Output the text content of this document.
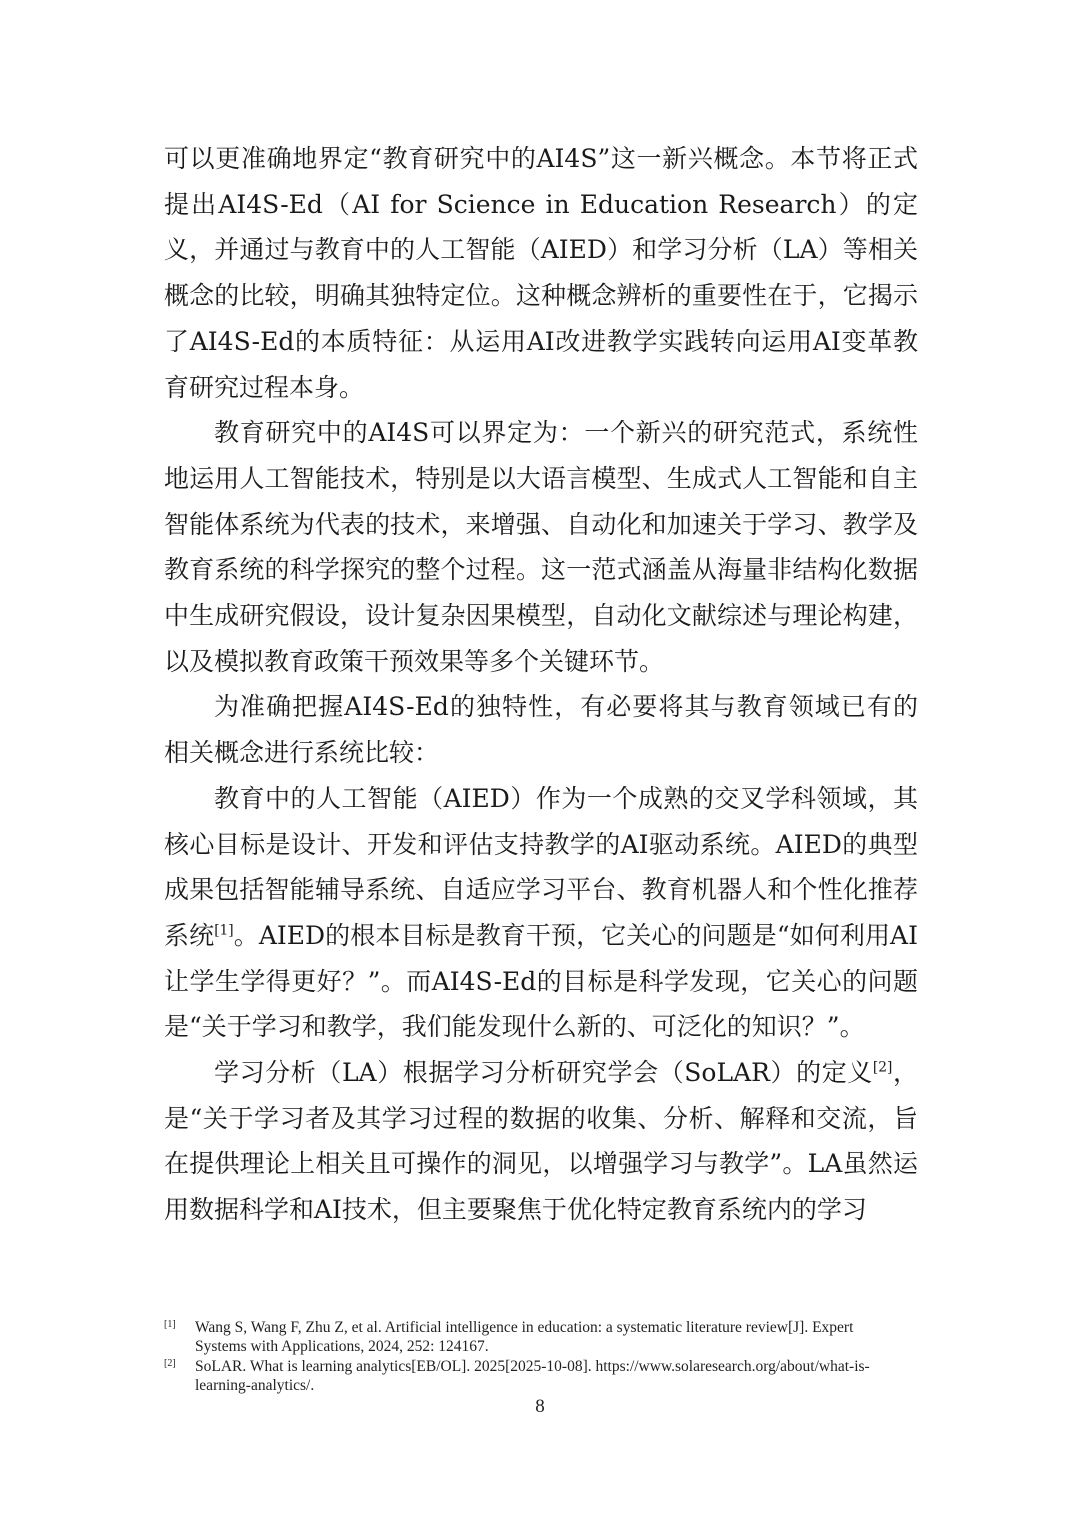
可以更准确地界定“教育研究中的AI4S”这一新兴概念。本节将正式提出AI4S-Ed（AI for Science in Education Research）的定义，并通过与教育中的人工智能（AIED）和学习分析（LA）等相关概念的比较，明确其独特定位。这种概念辨析的重要性在于，它揭示了AI4S-Ed的本质特征：从运用AI改进教学实践转向运用AI变革教育研究过程本身。

教育研究中的AI4S可以界定为：一个新兴的研究范式，系统性地运用人工智能技术，特别是以大语言模型、生成式人工智能和自主智能体系统为代表的技术，来增强、自动化和加速关于学习、教学及教育系统的科学探究的整个过程。这一范式涵盖从海量非结构化数据中生成研究假设，设计复杂因果模型，自动化文献综述与理论构建，以及模拟教育政策干预效果等多个关键环节。

为准确把握AI4S-Ed的独特性，有必要将其与教育领域已有的相关概念进行系统比较：

教育中的人工智能（AIED）作为一个成熟的交叉学科领域，其核心目标是设计、开发和评估支持教学的AI驱动系统。AIED的典型成果包括智能辅导系统、自适应学习平台、教育机器人和个性化推荐系统[1]。AIED的根本目标是教育干预，它关心的问题是“如何利用AI让学生学得更好？”。而AI4S-Ed的目标是科学发现，它关心的问题是“关于学习和教学，我们能发现什么新的、可泛化的知识？”。

学习分析（LA）根据学习分析研究学会（SoLAR）的定义[2]，是“关于学习者及其学习过程的数据的收集、分析、解释和交流，旨在提供理论上相关且可操作的洞见，以增强学习与教学”。LA虽然运用数据科学和AI技术，但主要聚焦于优化特定教育系统内的学习

[1] Wang S, Wang F, Zhu Z, et al. Artificial intelligence in education: a systematic literature review[J]. Expert Systems with Applications, 2024, 252: 124167.
[2] SoLAR. What is learning analytics[EB/OL]. 2025[2025-10-08]. https://www.solaresearch.org/about/what-is-learning-analytics/.
8
